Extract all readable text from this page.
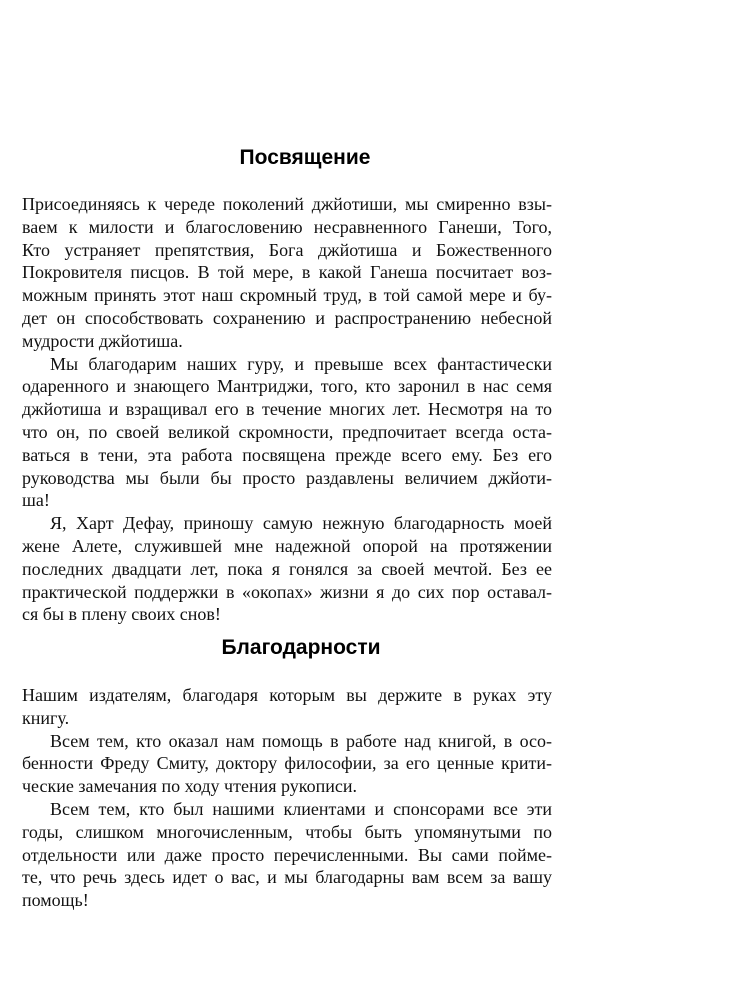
Посвящение

Присоединяясь к череде поколений джйотиши, мы смиренно взы-
ваем к милости и благословению несравненного Ганеши, Того,
Кто устраняет препятствия, Бога джйотиша и Божественного
Покровителя писцов. В той мере, в какой Ганеша посчитает воз-
можным принять этот наш скромный труд, в той самой мере и бу-
дет он способствовать сохранению и распространению небесной
мудрости джйотиша.

Мы благодарим наших гуру, и превыше всех фантастически
одаренного и знающего Мантриджи, того, кто заронил в нас семя
джйотиша и взращивал его в течение многих лет. Несмотря на то
что он, по своей великой скромности, предпочитает всегда оста-
ваться в тени, эта работа посвящена прежде всего ему. Без его
руководства мы были бы просто раздавлены величием джйоти-
ша!

Я, Харт Дефау, приношу самую нежную благодарность моей
жене Алете, служившей мне надежной опорой на протяжении
последних двадцати лет, пока я гонялся за своей мечтой. Без ее
практической поддержки в «окопах» жизни я до сих пор оставал-
ся бы в плену своих снов!

Благодарности

Нашим издателям, благодаря которым вы держите в руках эту
книгу.

Всем тем, кто оказал нам помощь в работе над книгой, в осо-
бенности Фреду Смиту, доктору философии, за его ценные крити-
ческие замечания по ходу чтения рукописи.

Всем тем, кто был нашими клиентами и спонсорами все эти
годы, слишком многочисленным, чтобы быть упомянутыми по
отдельности или даже просто перечисленными. Вы сами пойме-
те, что речь здесь идет о вас, и мы благодарны вам всем за вашу
помощь!
